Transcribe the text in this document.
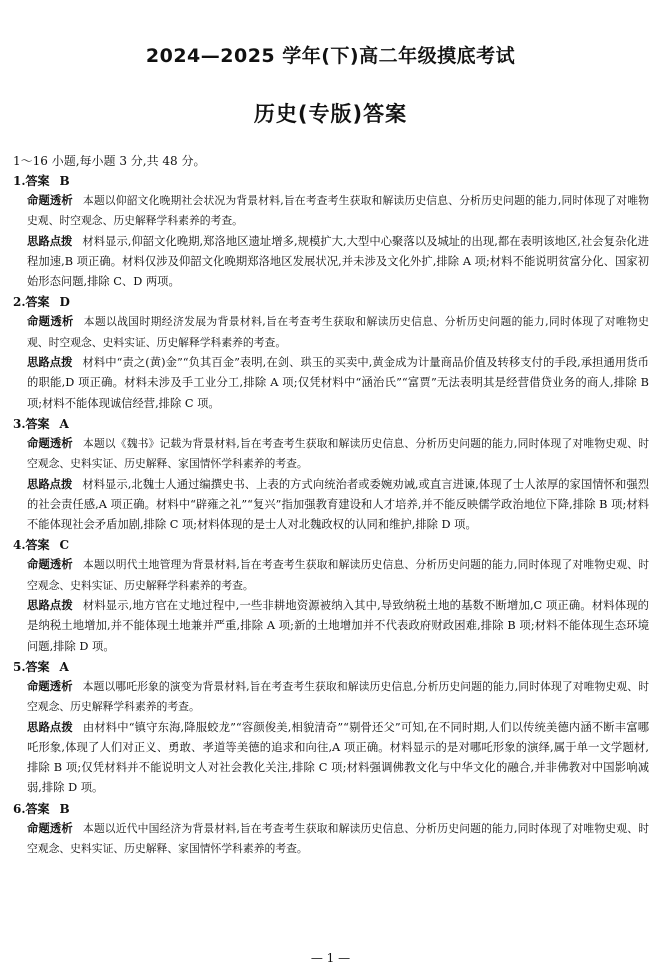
2024—2025 学年(下)高二年级摸底考试
历史(专版)答案
1～16 小题,每小题 3 分,共 48 分。
1.答案 B
命题透析 本题以仰韶文化晚期社会状况为背景材料,旨在考查考生获取和解读历史信息、分析历史问题的能力,同时体现了对唯物史观、时空观念、历史解释学科素养的考查。
思路点拨 材料显示,仰韶文化晚期,郑洛地区遗址增多,规模扩大,大型中心聚落以及城址的出现,都在表明该地区,社会复杂化进程加速,B 项正确。材料仅涉及仰韶文化晚期郑洛地区发展状况,并未涉及文化外扩,排除 A 项;材料不能说明贫富分化、国家初始形态问题,排除 C、D 两项。
2.答案 D
命题透析 本题以战国时期经济发展为背景材料,旨在考查考生获取和解读历史信息、分析历史问题的能力,同时体现了对唯物史观、时空观念、史料实证、历史解释学科素养的考查。
思路点拨 材料中“责之(黄)金”“负其百金”表明,在剑、珙玉的买卖中,黄金成为计量商品价值及转移支付的手段,承担通用货币的职能,D 项正确。材料未涉及手工业分工,排除 A 项;仅凭材料中“涵治氏”“富贾”无法表明其是经营借贷业务的商人,排除 B 项;材料不能体现诚信经营,排除 C 项。
3.答案 A
命题透析 本题以《魏书》记载为背景材料,旨在考查考生获取和解读历史信息、分析历史问题的能力,同时体现了对唯物史观、时空观念、史料实证、历史解释、家国情怀学科素养的考查。
思路点拨 材料显示,北魏士人通过编撰史书、上表的方式向统治者或委婉劝诫,或直言进谏,体现了士人浓厚的家国情怀和强烈的社会责任感,A 项正确。材料中“辟雍之礼”“复兴”指加强教育建设和人才培养,并不能反映儒学政治地位下降,排除 B 项;材料不能体现社会矛盾加剧,排除 C 项;材料体现的是士人对北魏政权的认同和维护,排除 D 项。
4.答案 C
命题透析 本题以明代土地管理为背景材料,旨在考查考生获取和解读历史信息、分析历史问题的能力,同时体现了对唯物史观、时空观念、史料实证、历史解释学科素养的考查。
思路点拨 材料显示,地方官在丈地过程中,一些非耕地资源被纳入其中,导致纳税土地的基数不断增加,C 项正确。材料体现的是纳税土地增加,并不能体现土地兼并严重,排除 A 项;新的土地增加并不代表政府财政困难,排除 B 项;材料不能体现生态环境问题,排除 D 项。
5.答案 A
命题透析 本题以哪吒形象的演变为背景材料,旨在考查考生获取和解读历史信息,分析历史问题的能力,同时体现了对唯物史观、时空观念、历史解释学科素养的考查。
思路点拨 由材料中“镇守东海,降服蛟龙”“容颜俊美,相貌清奇”“剔骨还父”可知,在不同时期,人们以传统美德内涵不断丰富哪吒形象,体现了人们对正义、勇敢、孝道等美德的追求和向往,A 项正确。材料显示的是对哪吒形象的演绎,属于单一文学题材,排除 B 项;仅凭材料并不能说明文人对社会教化关注,排除 C 项;材料强调佛教文化与中华文化的融合,并非佛教对中国影响减弱,排除 D 项。
6.答案 B
命题透析 本题以近代中国经济为背景材料,旨在考查考生获取和解读历史信息、分析历史问题的能力,同时体现了对唯物史观、时空观念、史料实证、历史解释、家国情怀学科素养的考查。
— 1 —
